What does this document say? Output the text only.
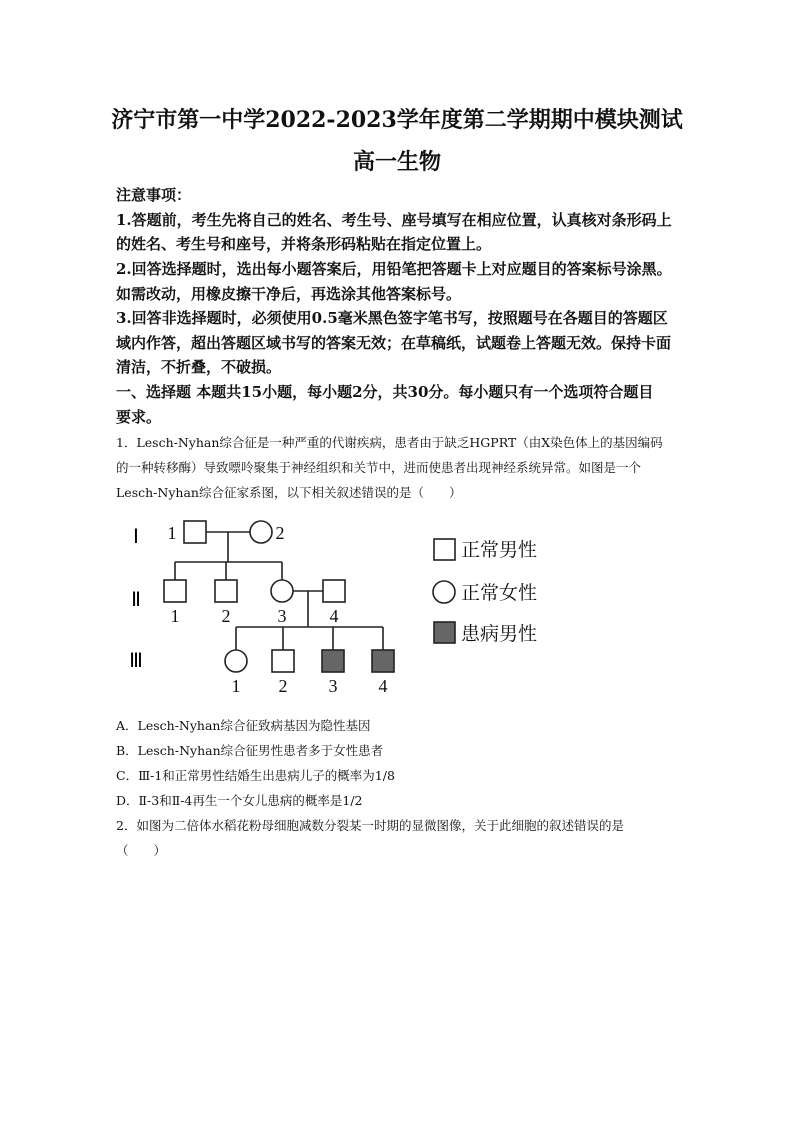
济宁市第一中学2022-2023学年度第二学期期中模块测试
高一生物
注意事项：
1.答题前，考生先将自己的姓名、考生号、座号填写在相应位置，认真核对条形码上
的姓名、考生号和座号，并将条形码粘贴在指定位置上。
2.回答选择题时，选出每小题答案后，用铅笔把答题卡上对应题目的答案标号涂黑。
如需改动，用橡皮擦干净后，再选涂其他答案标号。
3.回答非选择题时，必须使用0.5毫米黑色签字笔书写，按照题号在各题目的答题区
域内作答，超出答题区域书写的答案无效；在草稿纸，试题卷上答题无效。保持卡面
清洁，不折叠，不破损。
一、选择题 本题共15小题，每小题2分，共30分。每小题只有一个选项符合题目
要求。
1．Lesch-Nyhan综合征是一种严重的代谢疾病，患者由于缺乏HGPRT（由X染色体上的基因编码
的一种转移酶）导致嘌呤聚集于神经组织和关节中，进而使患者出现神经系统异常。如图是一个
Lesch-Nyhan综合征家系图，以下相关叙述错误的是（　　）
Ⅰ
Ⅱ
Ⅲ
1	2
1 2	3 4
1 2 3 4
正常男性
正常女性
患病男性
A．Lesch-Nyhan综合征致病基因为隐性基因
B．Lesch-Nyhan综合征男性患者多于女性患者
C．Ⅲ-1和正常男性结婚生出患病儿子的概率为1/8
D．Ⅱ-3和Ⅱ-4再生一个女儿患病的概率是1/2
2．如图为二倍体水稻花粉母细胞减数分裂某一时期的显微图像，关于此细胞的叙述错误的是
（　　）
